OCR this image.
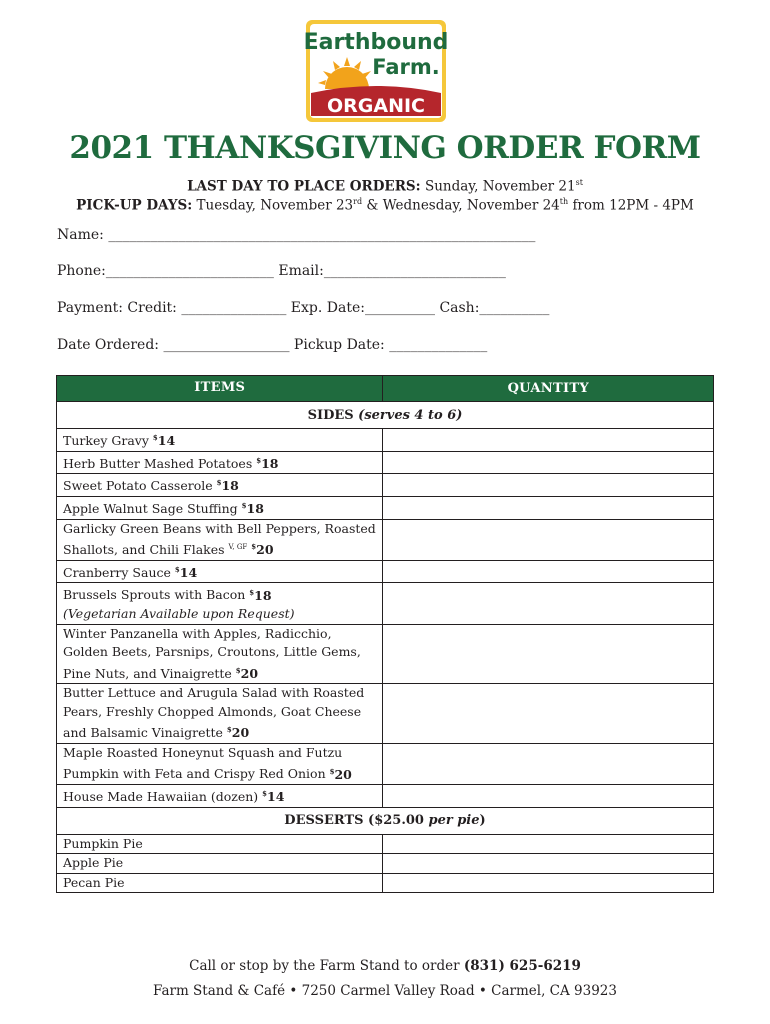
Earthbound
Farm.
ORGANIC
2021 THANKSGIVING ORDER FORM
LAST DAY TO PLACE ORDERS: Sunday, November 21st
PICK-UP DAYS: Tuesday, November 23rd & Wednesday, November 24th from 12PM - 4PM
Name: _____________________________________________________________
Phone:________________________ Email:__________________________
Payment: Credit: _______________ Exp. Date:__________ Cash:__________
Date Ordered: __________________ Pickup Date: ______________
ITEMS	QUANTITY
SIDES (serves 4 to 6)	
Turkey Gravy $14	
Herb Butter Mashed Potatoes $18	
Sweet Potato Casserole $18	
Apple Walnut Sage Stuffing $18	
Garlicky Green Beans with Bell Peppers, Roasted Shallots, and Chili Flakes $^{V, GF}$ $20	
Cranberry Sauce $14	
Brussels Sprouts with Bacon $18
(Vegetarian Available upon Request)	
Winter Panzanella with Apples, Radicchio, Golden Beets, Parsnips, Croutons, Little Gems, Pine Nuts, and Vinaigrette $20	
Butter Lettuce and Arugula Salad with Roasted Pears, Freshly Chopped Almonds, Goat Cheese and Balsamic Vinaigrette $20	
Maple Roasted Honeynut Squash and Futzu Pumpkin with Feta and Crispy Red Onion $20	
House Made Hawaiian (dozen) $14	
DESSERTS ($25.00 per pie)	
Pumpkin Pie	
Apple Pie	
Pecan Pie	
Call or stop by the Farm Stand to order (831) 625-6219
Farm Stand & Café • 7250 Carmel Valley Road • Carmel, CA 93923
